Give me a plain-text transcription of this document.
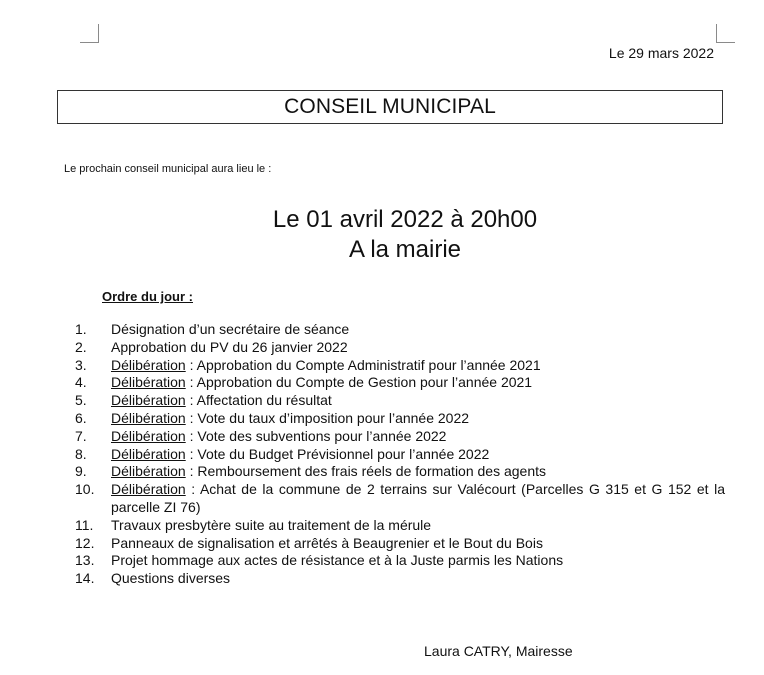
Le 29 mars 2022
CONSEIL MUNICIPAL
Le prochain conseil municipal aura lieu le :
Le 01 avril 2022 à 20h00
A la mairie
Ordre du jour :
1.	Désignation d’un secrétaire de séance
2.	Approbation du PV du 26 janvier 2022
3.	Délibération : Approbation du Compte Administratif pour l’année 2021
4.	Délibération : Approbation du Compte de Gestion pour l’année 2021
5.	Délibération : Affectation du résultat
6.	Délibération : Vote du taux d’imposition pour l’année 2022
7.	Délibération : Vote des subventions pour l’année 2022
8.	Délibération : Vote du Budget Prévisionnel pour l’année 2022
9.	Délibération : Remboursement des frais réels de formation des agents
10.	Délibération : Achat de la commune de 2 terrains sur Valécourt (Parcelles G 315 et G 152 et la parcelle ZI 76)
11.	Travaux presbytère suite au traitement de la mérule
12.	Panneaux de signalisation et arrêtés à Beaugrenier et le Bout du Bois
13.	Projet hommage aux actes de résistance et à la Juste parmis les Nations
14.	Questions diverses
Laura CATRY, Mairesse
